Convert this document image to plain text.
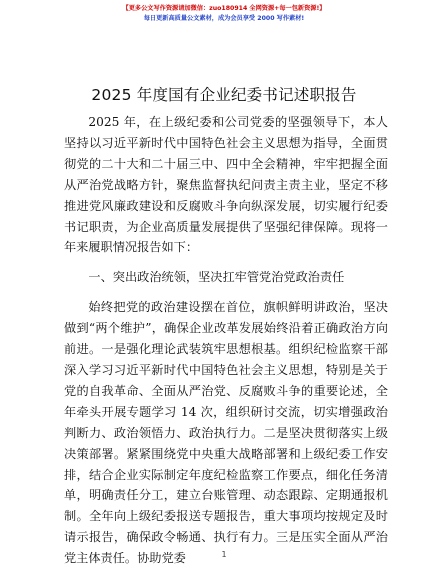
【更多公文写作资源请加微信：zuo180914 全网资源+每一包新资源!】
每日更新高质量公文素材，成为会员享受 2000 写作素材!
2025 年度国有企业纪委书记述职报告

2025 年，在上级纪委和公司党委的坚强领导下，本人坚持以习近平新时代中国特色社会主义思想为指导，全面贯彻党的二十大和二十届三中、四中全会精神，牢牢把握全面从严治党战略方针，聚焦监督执纪问责主责主业，坚定不移推进党风廉政建设和反腐败斗争向纵深发展，切实履行纪委书记职责，为企业高质量发展提供了坚强纪律保障。现将一年来履职情况报告如下：

一、突出政治统领，坚决扛牢管党治党政治责任

始终把党的政治建设摆在首位，旗帜鲜明讲政治，坚决做到“两个维护”，确保企业改革发展始终沿着正确政治方向前进。一是强化理论武装筑牢思想根基。组织纪检监察干部深入学习习近平新时代中国特色社会主义思想，特别是关于党的自我革命、全面从严治党、反腐败斗争的重要论述，全年牵头开展专题学习 14 次，组织研讨交流，切实增强政治判断力、政治领悟力、政治执行力。二是坚决贯彻落实上级决策部署。紧紧围绕党中央重大战略部署和上级纪委工作安排，结合企业实际制定年度纪检监察工作要点，细化任务清单，明确责任分工，建立台账管理、动态跟踪、定期通报机制。全年向上级纪委报送专题报告，重大事项均按规定及时请示报告，确保政令畅通、执行有力。三是压实全面从严治党主体责任。协助党委	1
